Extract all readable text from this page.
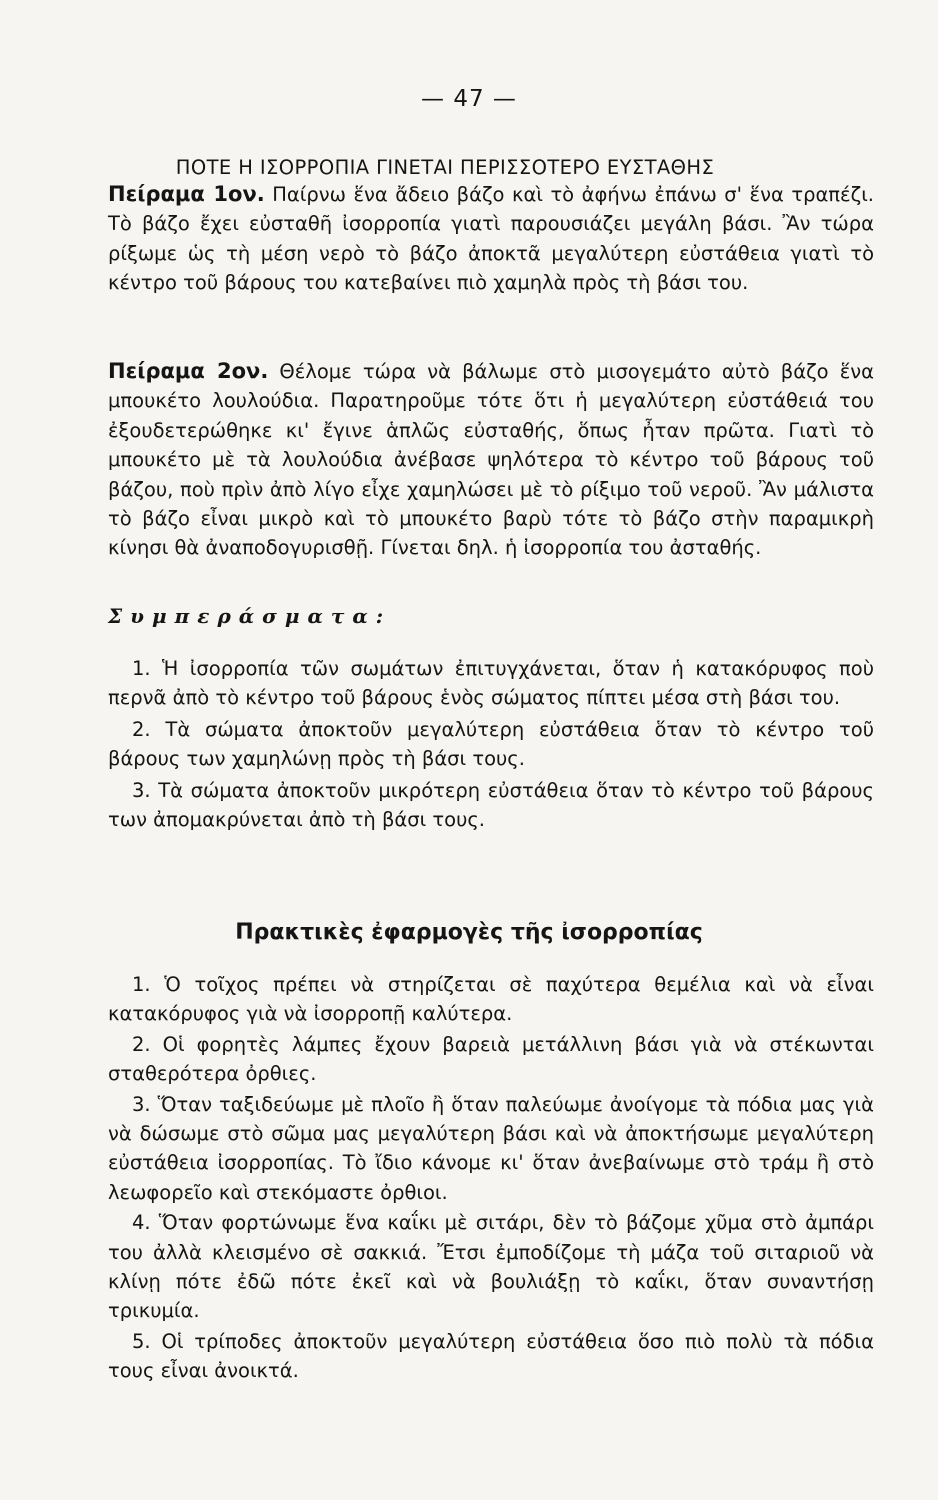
— 47 —
ΠΟΤΕ Η ΙΣΟΡΡΟΠΙΑ ΓΙΝΕΤΑΙ ΠΕΡΙΣΣΟΤΕΡΟ ΕΥΣΤΑΘΗΣ

Πείραμα 1ον. Παίρνω ἕνα ἄδειο βάζο καὶ τὸ ἀφήνω ἐπάνω σ' ἕνα τραπέζι. Τὸ βάζο ἔχει εὐσταθῆ ἰσορροπία γιατὶ παρουσιάζει μεγάλη βάσι. Ἂν τώρα ρίξωμε ὡς τὴ μέση νερὸ τὸ βάζο ἀποκτᾶ μεγαλύτερη εὐστάθεια γιατὶ τὸ κέντρο τοῦ βάρους του κατεβαίνει πιὸ χαμηλὰ πρὸς τὴ βάσι του.

Πείραμα 2ον. Θέλομε τώρα νὰ βάλωμε στὸ μισογεμάτο αὐτὸ βάζο ἕνα μπουκέτο λουλούδια. Παρατηροῦμε τότε ὅτι ἡ μεγαλύτερη εὐστάθειά του ἐξουδετερώθηκε κι' ἔγινε ἁπλῶς εὐσταθής, ὅπως ἦταν πρῶτα. Γιατὶ τὸ μπουκέτο μὲ τὰ λουλούδια ἀνέβασε ψηλότερα τὸ κέντρο τοῦ βάρους τοῦ βάζου, ποὺ πρὶν ἀπὸ λίγο εἶχε χαμηλώσει μὲ τὸ ρίξιμο τοῦ νεροῦ. Ἂν μάλιστα τὸ βάζο εἶναι μικρὸ καὶ τὸ μπουκέτο βαρὺ τότε τὸ βάζο στὴν παραμικρὴ κίνησι θὰ ἀναποδογυρισθῇ. Γίνεται δηλ. ἡ ἰσορροπία του ἀσταθής.

Συμπεράσματα:

1. Ἡ ἰσορροπία τῶν σωμάτων ἐπιτυγχάνεται, ὅταν ἡ κατακόρυφος ποὺ περνᾶ ἀπὸ τὸ κέντρο τοῦ βάρους ἑνὸς σώματος πίπτει μέσα στὴ βάσι του.

2. Τὰ σώματα ἀποκτοῦν μεγαλύτερη εὐστάθεια ὅταν τὸ κέντρο τοῦ βάρους των χαμηλώνῃ πρὸς τὴ βάσι τους.

3. Τὰ σώματα ἀποκτοῦν μικρότερη εὐστάθεια ὅταν τὸ κέντρο τοῦ βάρους των ἀπομακρύνεται ἀπὸ τὴ βάσι τους.

Πρακτικὲς ἐφαρμογὲς τῆς ἰσορροπίας

1. Ὁ τοῖχος πρέπει νὰ στηρίζεται σὲ παχύτερα θεμέλια καὶ νὰ εἶναι κατακόρυφος γιὰ νὰ ἰσορροπῇ καλύτερα.

2. Οἱ φορητὲς λάμπες ἔχουν βαρειὰ μετάλλινη βάσι γιὰ νὰ στέκωνται σταθερότερα ὀρθιες.

3. Ὅταν ταξιδεύωμε μὲ πλοῖο ἢ ὅταν παλεύωμε ἀνοίγομε τὰ πόδια μας γιὰ νὰ δώσωμε στὸ σῶμα μας μεγαλύτερη βάσι καὶ νὰ ἀποκτήσωμε μεγαλύτερη εὐστάθεια ἰσορροπίας. Τὸ ἴδιο κάνομε κι' ὅταν ἀνεβαίνωμε στὸ τράμ ἢ στὸ λεωφορεῖο καὶ στεκόμαστε ὀρθιοι.

4. Ὅταν φορτώνωμε ἕνα καΐκι μὲ σιτάρι, δὲν τὸ βάζομε χῦμα στὸ ἀμπάρι του ἀλλὰ κλεισμένο σὲ σακκιά. Ἔτσι ἐμποδίζομε τὴ μάζα τοῦ σιταριοῦ νὰ κλίνῃ πότε ἐδῶ πότε ἐκεῖ καὶ νὰ βουλιάξῃ τὸ καΐκι, ὅταν συναντήσῃ τρικυμία.

5. Οἱ τρίποδες ἀποκτοῦν μεγαλύτερη εὐστάθεια ὅσο πιὸ πολὺ τὰ πόδια τους εἶναι ἀνοικτά.
